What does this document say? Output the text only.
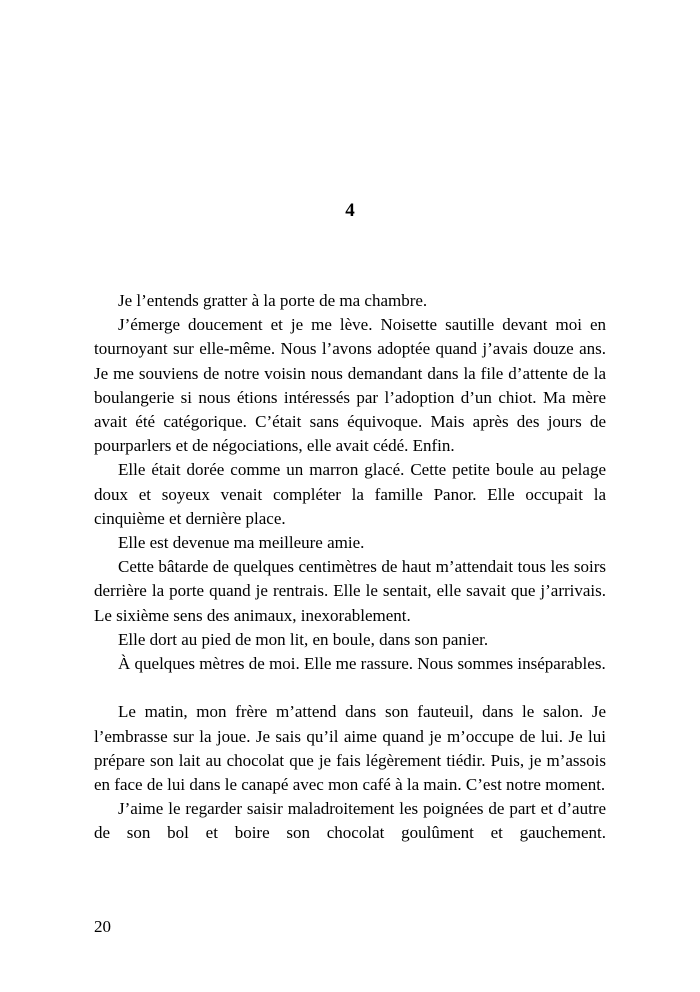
4

Je l’entends gratter à la porte de ma chambre.

J’émerge doucement et je me lève. Noisette sautille devant moi en tournoyant sur elle-même. Nous l’avons adoptée quand j’avais douze ans. Je me souviens de notre voisin nous demandant dans la file d’attente de la boulangerie si nous étions intéressés par l’adoption d’un chiot. Ma mère avait été catégorique. C’était sans équivoque. Mais après des jours de pourparlers et de négociations, elle avait cédé. Enfin.

Elle était dorée comme un marron glacé. Cette petite boule au pelage doux et soyeux venait compléter la famille Panor. Elle occupait la cinquième et dernière place.

Elle est devenue ma meilleure amie.

Cette bâtarde de quelques centimètres de haut m’attendait tous les soirs derrière la porte quand je rentrais. Elle le sentait, elle savait que j’arrivais. Le sixième sens des animaux, inexorablement.

Elle dort au pied de mon lit, en boule, dans son panier.

À quelques mètres de moi. Elle me rassure. Nous sommes inséparables.

Le matin, mon frère m’attend dans son fauteuil, dans le salon. Je l’embrasse sur la joue. Je sais qu’il aime quand je m’occupe de lui. Je lui prépare son lait au chocolat que je fais légèrement tiédir. Puis, je m’assois en face de lui dans le canapé avec mon café à la main. C’est notre moment.

J’aime le regarder saisir maladroitement les poignées de part et d’autre de son bol et boire son chocolat goulûment et gauchement.

20
